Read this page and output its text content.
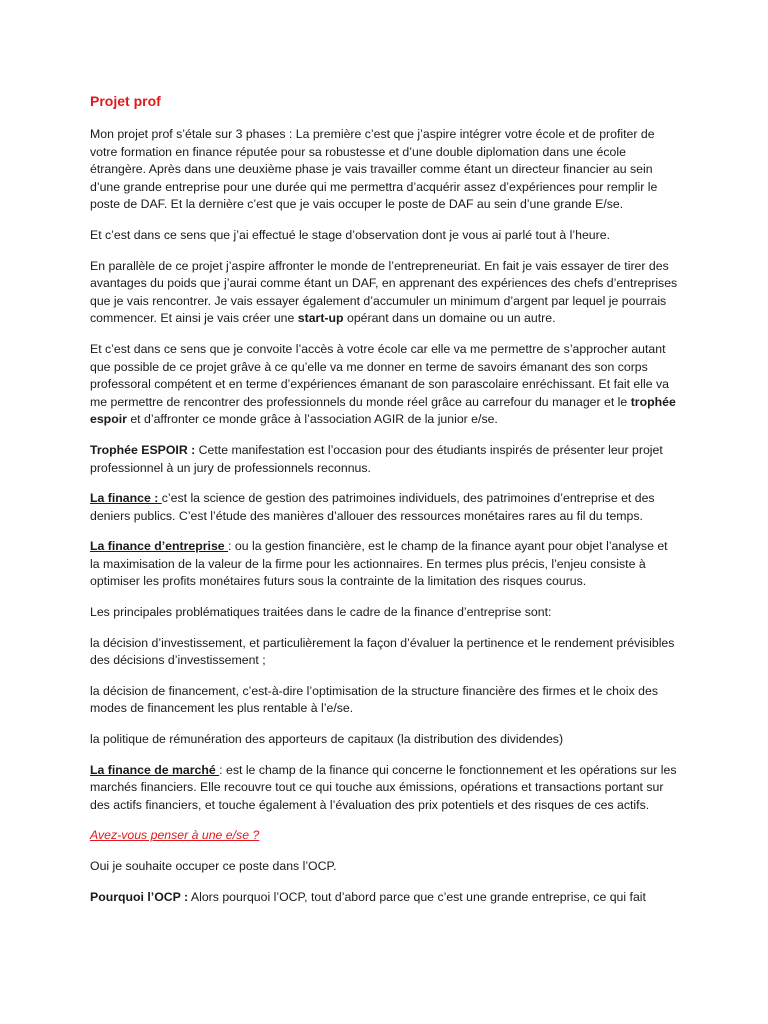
Projet prof

Mon projet prof s’étale sur 3 phases : La première c’est que j’aspire intégrer votre école et de profiter de votre formation en finance réputée pour sa robustesse et d’une double diplomation dans une école étrangère. Après dans une deuxième phase je vais travailler comme étant un directeur financier au sein d’une grande entreprise pour une durée qui me permettra d’acquérir assez d’expériences pour remplir le poste de DAF. Et la dernière c’est que je vais occuper le poste de DAF au sein d’une grande E/se.

Et c’est dans ce sens que j’ai effectué le stage d’observation dont je vous ai parlé tout à l’heure.

En parallèle de ce projet j’aspire affronter le monde de l’entrepreneuriat. En fait je vais essayer de tirer des avantages du poids que j’aurai comme étant un DAF, en apprenant des expériences des chefs d’entreprises que je vais rencontrer. Je vais essayer également d’accumuler un minimum d’argent par lequel je pourrais commencer. Et ainsi je vais créer une start-up opérant dans un domaine ou un autre.

Et c’est dans ce sens que je convoite l’accès à votre école car elle va me permettre de s’approcher autant que possible de ce projet grâve à ce qu’elle va me donner en terme de savoirs émanant des son corps professoral compétent et en terme d’expériences émanant de son parascolaire enréchissant. Et fait elle va me permettre de rencontrer des professionnels du monde réel grâce au carrefour du manager et le trophée espoir et d’affronter ce monde grâce à l’association AGIR de la junior e/se.

Trophée ESPOIR : Cette manifestation est l’occasion pour des étudiants inspirés de présenter leur projet professionnel à un jury de professionnels reconnus.

La finance : c’est la science de gestion des patrimoines individuels, des patrimoines d’entreprise et des deniers publics. C’est l’étude des manières d’allouer des ressources monétaires rares au fil du temps.

La finance d’entreprise : ou la gestion financière, est le champ de la finance ayant pour objet l’analyse et la maximisation de la valeur de la firme pour les actionnaires. En termes plus précis, l’enjeu consiste à optimiser les profits monétaires futurs sous la contrainte de la limitation des risques courus.

Les principales problématiques traitées dans le cadre de la finance d’entreprise sont:

la décision d’investissement, et particulièrement la façon d’évaluer la pertinence et le rendement prévisibles des décisions d’investissement ;

la décision de financement, c’est-à-dire l’optimisation de la structure financière des firmes et le choix des modes de financement les plus rentable à l’e/se.

la politique de rémunération des apporteurs de capitaux (la distribution des dividendes)

La finance de marché : est le champ de la finance qui concerne le fonctionnement et les opérations sur les marchés financiers. Elle recouvre tout ce qui touche aux émissions, opérations et transactions portant sur des actifs financiers, et touche également à l’évaluation des prix potentiels et des risques de ces actifs.

Avez-vous penser à une e/se ?

Oui je souhaite occuper ce poste dans l’OCP.

Pourquoi l’OCP : Alors pourquoi l’OCP, tout d’abord parce que c’est une grande entreprise, ce qui fait
